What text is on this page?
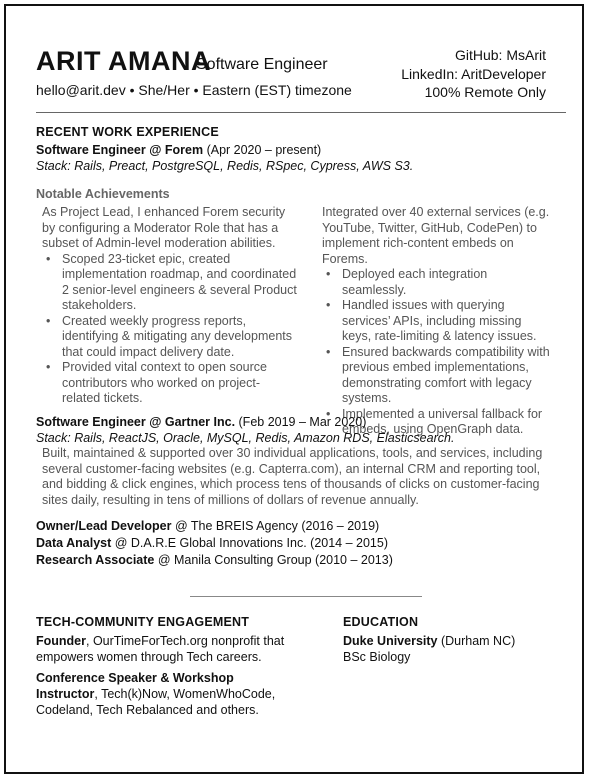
ARIT AMANA
Software Engineer
hello@arit.dev • She/Her • Eastern (EST) timezone
GitHub: MsArit
LinkedIn: AritDeveloper
100% Remote Only
RECENT WORK EXPERIENCE
Software Engineer @ Forem (Apr 2020 – present)
Stack: Rails, Preact, PostgreSQL, Redis, RSpec, Cypress, AWS S3.
Notable Achievements

As Project Lead, I enhanced Forem security by configuring a Moderator Role that has a subset of Admin-level moderation abilities.

• Scoped 23-ticket epic, created implementation roadmap, and coordinated 2 senior-level engineers & several Product stakeholders.
• Created weekly progress reports, identifying & mitigating any developments that could impact delivery date.
• Provided vital context to open source contributors who worked on project-related tickets.

Integrated over 40 external services (e.g. YouTube, Twitter, GitHub, CodePen) to implement rich-content embeds on Forems.

• Deployed each integration seamlessly.
• Handled issues with querying services’ APIs, including missing keys, rate-limiting & latency issues.
• Ensured backwards compatibility with previous embed implementations, demonstrating comfort with legacy systems.
• Implemented a universal fallback for embeds, using OpenGraph data.
Software Engineer @ Gartner Inc. (Feb 2019 – Mar 2020)
Stack: Rails, ReactJS, Oracle, MySQL, Redis, Amazon RDS, Elasticsearch.
Built, maintained & supported over 30 individual applications, tools, and services, including several customer-facing websites (e.g. Capterra.com), an internal CRM and reporting tool, and bidding & click engines, which process tens of thousands of clicks on customer-facing sites daily, resulting in tens of millions of dollars of revenue annually.
Owner/Lead Developer @ The BREIS Agency (2016 – 2019)
Data Analyst @ D.A.R.E Global Innovations Inc. (2014 – 2015)
Research Associate @ Manila Consulting Group (2010 – 2013)
TECH-COMMUNITY ENGAGEMENT
Founder, OurTimeForTech.org nonprofit that empowers women through Tech careers.
Conference Speaker & Workshop Instructor, Tech(k)Now, WomenWhoCode, Codeland, Tech Rebalanced and others.
EDUCATION
Duke University (Durham NC)
BSc Biology
